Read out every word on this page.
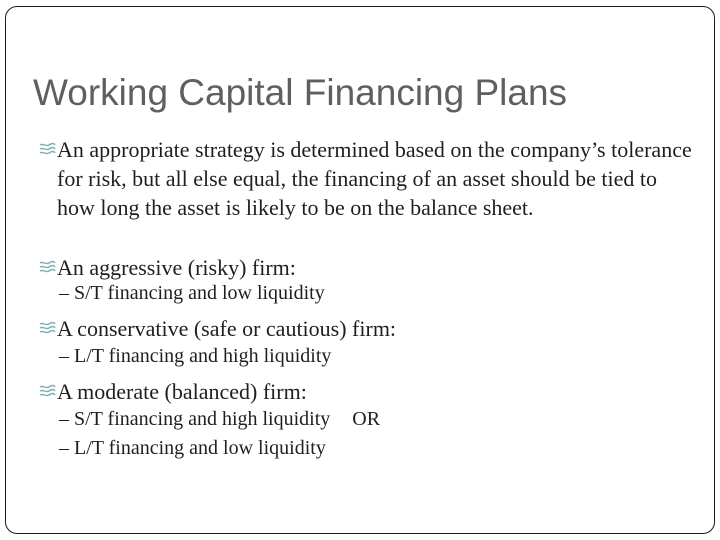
Working Capital Financing Plans
An appropriate strategy is determined based on the company’s tolerance for risk, but all else equal, the financing of an asset should be tied to how long the asset is likely to be on the balance sheet.
An aggressive (risky) firm:
– S/T financing and low liquidity
A conservative (safe or cautious) firm:
– L/T financing and high liquidity
A moderate (balanced) firm:
– S/T financing and high liquidity OR
– L/T financing and low liquidity
